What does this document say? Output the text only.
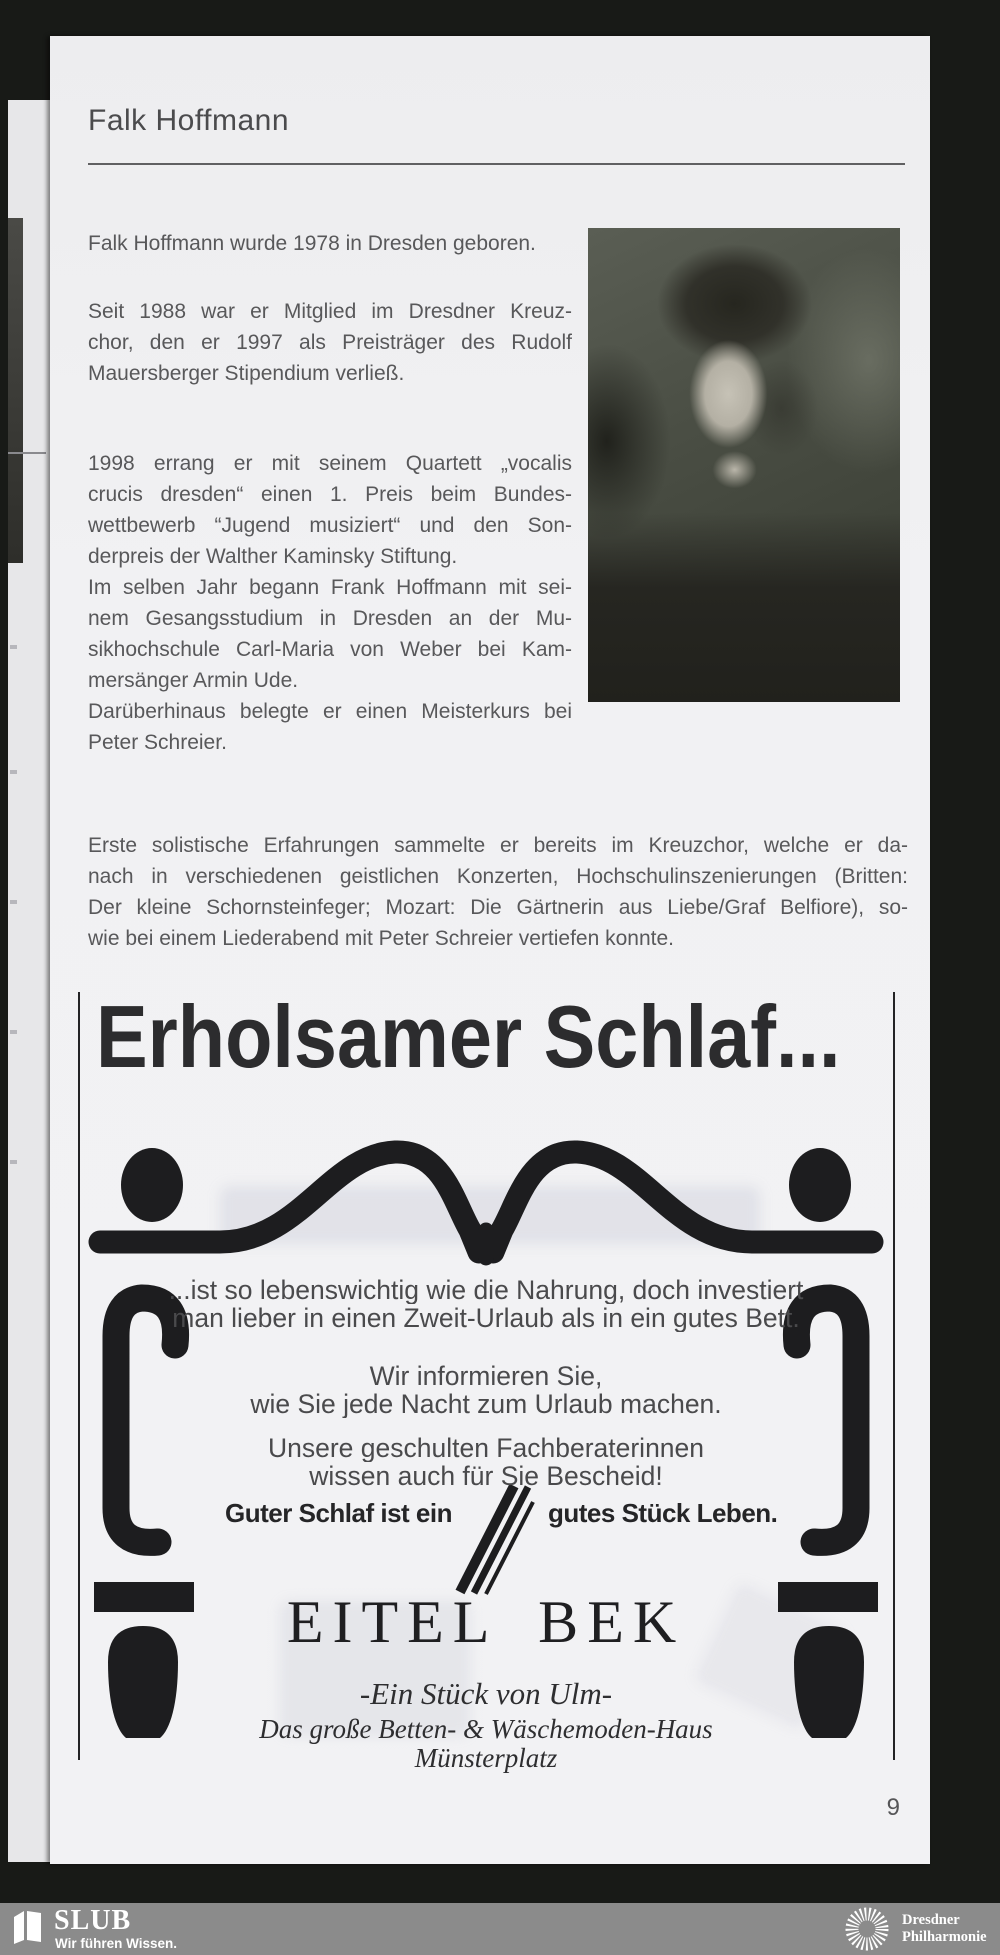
Falk Hoffmann
Falk Hoffmann wurde 1978 in Dresden geboren.
Seit 1988 war er Mitglied im Dresdner Kreuz-
chor, den er 1997 als Preisträger des Rudolf
Mauersberger Stipendium verließ.
1998 errang er mit seinem Quartett „vocalis
crucis dresden“ einen 1. Preis beim Bundes-
wettbewerb “Jugend musiziert“ und den Son-
derpreis der Walther Kaminsky Stiftung.
Im selben Jahr begann Frank Hoffmann mit sei-
nem Gesangsstudium in Dresden an der Mu-
sikhochschule Carl-Maria von Weber bei Kam-
mersänger Armin Ude.
Darüberhinaus belegte er einen Meisterkurs bei
Peter Schreier.
Erste solistische Erfahrungen sammelte er bereits im Kreuzchor, welche er da-
nach in verschiedenen geistlichen Konzerten, Hochschulinszenierungen (Britten:
Der kleine Schornsteinfeger; Mozart: Die Gärtnerin aus Liebe/Graf Belfiore), so-
wie bei einem Liederabend mit Peter Schreier vertiefen konnte.
Erholsamer Schlaf...
...ist so lebenswichtig wie die Nahrung, doch investiert
man lieber in einen Zweit-Urlaub als in ein gutes Bett.
Wir informieren Sie,
wie Sie jede Nacht zum Urlaub machen.
Unsere geschulten Fachberaterinnen
wissen auch für Sie Bescheid!
Guter Schlaf ist ein	gutes Stück Leben.
EITEL BEK
-Ein Stück von Ulm-
Das große Betten- & Wäschemoden-Haus
Münsterplatz
9
SLUB
Wir führen Wissen.
Dresdner
Philharmonie
